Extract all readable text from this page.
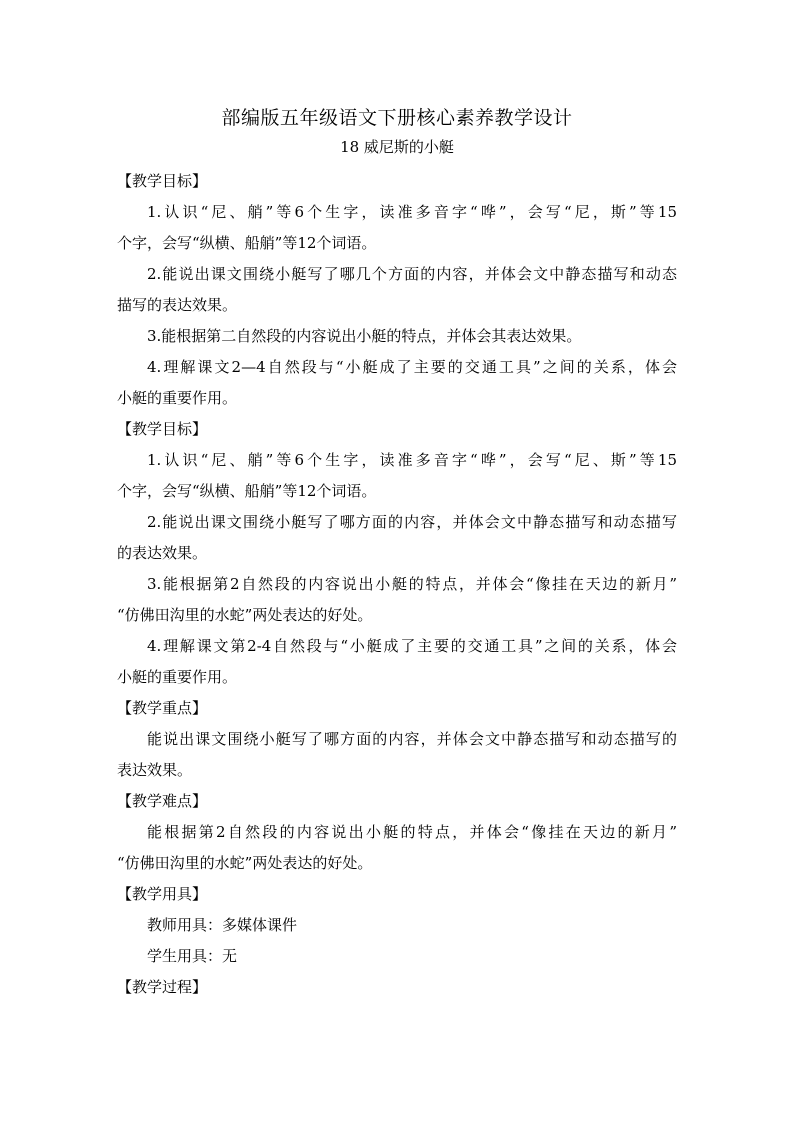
部编版五年级语文下册核心素养教学设计
18 威尼斯的小艇
【教学目标】
1.认识“尼、艄”等6个生字，读准多音字“哗”，会写“尼，斯”等15
个字，会写“纵横、船艄”等12个词语。
2.能说出课文围绕小艇写了哪几个方面的内容，并体会文中静态描写和动态
描写的表达效果。
3.能根据第二自然段的内容说出小艇的特点，并体会其表达效果。
4.理解课文2—4自然段与“小艇成了主要的交通工具”之间的关系，体会
小艇的重要作用。
【教学目标】
1.认识“尼、艄”等6个生字，读准多音字“哗”，会写“尼、斯”等15
个字，会写“纵横、船艄”等12个词语。
2.能说出课文围绕小艇写了哪方面的内容，并体会文中静态描写和动态描写
的表达效果。
3.能根据第2自然段的内容说出小艇的特点，并体会“像挂在天边的新月”
“仿佛田沟里的水蛇”两处表达的好处。
4.理解课文第2-4自然段与“小艇成了主要的交通工具”之间的关系，体会
小艇的重要作用。
【教学重点】
能说出课文围绕小艇写了哪方面的内容，并体会文中静态描写和动态描写的
表达效果。
【教学难点】
能根据第2自然段的内容说出小艇的特点，并体会“像挂在天边的新月”
“仿佛田沟里的水蛇”两处表达的好处。
【教学用具】
教师用具：多媒体课件
学生用具：无
【教学过程】
